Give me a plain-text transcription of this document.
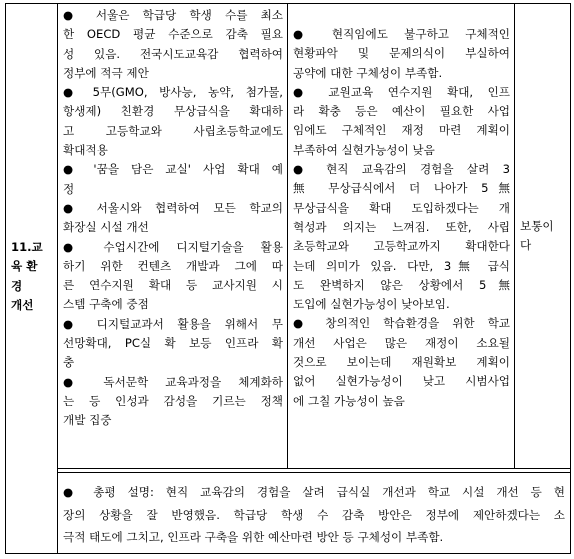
11.교
육 환
경
개선
● 서울은 학급당 학생 수를 최소
한 OECD 평균 수준으로 감축 필요
성 있음. 전국시도교육감 협력하여
정부에 적극 제안
● 5무(GMO, 방사능, 농약, 첨가물,
항생제) 친환경 무상급식을 확대하
고 고등학교와 사립초등학교에도
확대적용
● '꿈을 담은 교실' 사업 확대 예
정
● 서울시와 협력하여 모든 학교의
화장실 시설 개선
● 수업시간에 디지털기술을 활용
하기 위한 컨텐츠 개발과 그에 따
른 연수지원 확대 등 교사지원 시
스템 구축에 중점
● 디지털교과서 활용을 위해서 무
선망확대, PC실 확 보등 인프라 확
충
● 독서문학 교육과정을 체계화하
는 등 인성과 감성을 기르는 정책
개발 집중
● 현직임에도 불구하고 구체적인
현황파악 및 문제의식이 부실하여
공약에 대한 구체성이 부족함.
● 교원교육 연수지원 확대, 인프
라 확충 등은 예산이 필요한 사업
임에도 구체적인 재정 마련 계획이
부족하여 실현가능성이 낮음
● 현직 교육감의 경험을 살려 3
無 무상급식에서 더 나아가 5無
무상급식을 확대 도입하겠다는 개
혁성과 의지는 느껴짐. 또한, 사립
초등학교와 고등학교까지 확대한다
는데 의미가 있음. 다만, 3無 급식
도 완벽하지 않은 상황에서 5無
도입에 실현가능성이 낮아보임.
● 창의적인 학습환경을 위한 학교
개선 사업은 많은 재정이 소요될
것으로 보이는데 재원확보 계획이
없어 실현가능성이 낮고 시범사업
에 그칠 가능성이 높음
보통이
다
● 총평 설명: 현직 교육감의 경험을 살려 급식실 개선과 학교 시설 개선 등 현
장의 상황을 잘 반영했음. 학급당 학생 수 감축 방안은 정부에 제안하겠다는 소
극적 태도에 그치고, 인프라 구축을 위한 예산마련 방안 등 구체성이 부족함.
